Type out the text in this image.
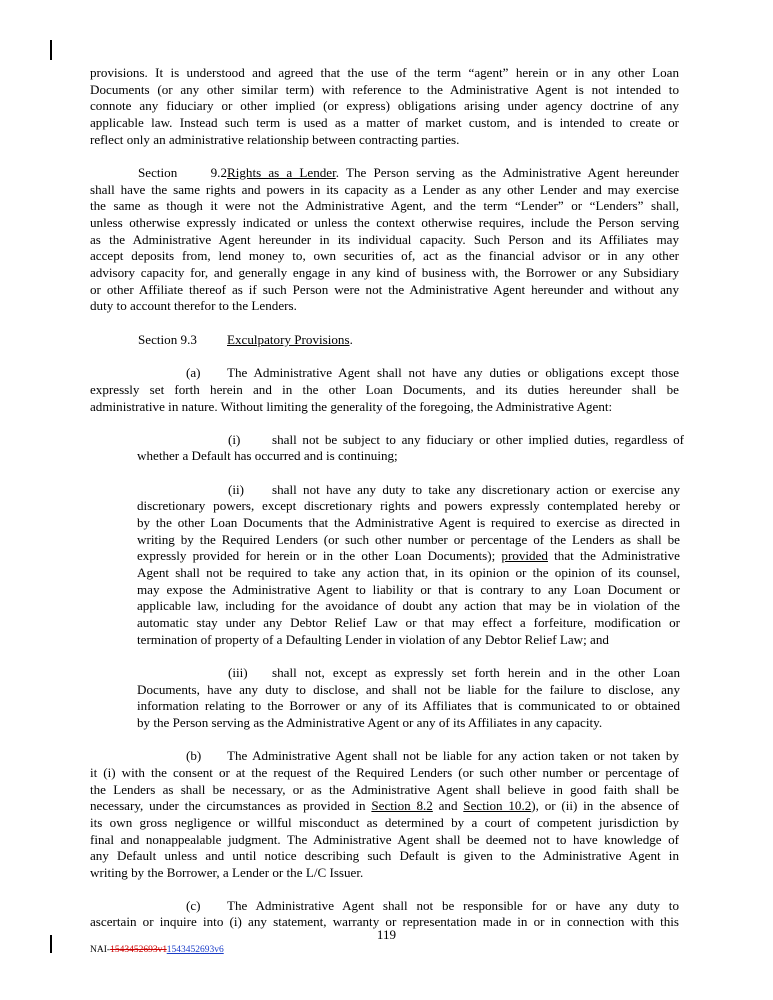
provisions. It is understood and agreed that the use of the term “agent” herein or in any other Loan
Documents (or any other similar term) with reference to the Administrative Agent is not intended to
connote any fiduciary or other implied (or express) obligations arising under agency doctrine of any
applicable law. Instead such term is used as a matter of market custom, and is intended to create or
reflect only an administrative relationship between contracting parties.
Section 9.2Rights as a Lender. The Person serving as the Administrative Agent hereunder
shall have the same rights and powers in its capacity as a Lender as any other Lender and may exercise
the same as though it were not the Administrative Agent, and the term “Lender” or “Lenders” shall,
unless otherwise expressly indicated or unless the context otherwise requires, include the Person serving
as the Administrative Agent hereunder in its individual capacity. Such Person and its Affiliates may
accept deposits from, lend money to, own securities of, act as the financial advisor or in any other
advisory capacity for, and generally engage in any kind of business with, the Borrower or any Subsidiary
or other Affiliate thereof as if such Person were not the Administrative Agent hereunder and without any
duty to account therefor to the Lenders.
Section 9.3 Exculpatory Provisions.
(a) The Administrative Agent shall not have any duties or obligations except those
expressly set forth herein and in the other Loan Documents, and its duties hereunder shall be
administrative in nature. Without limiting the generality of the foregoing, the Administrative Agent:
(i) shall not be subject to any fiduciary or other implied duties, regardless of
whether a Default has occurred and is continuing;
(ii) shall not have any duty to take any discretionary action or exercise any
discretionary powers, except discretionary rights and powers expressly contemplated hereby or
by the other Loan Documents that the Administrative Agent is required to exercise as directed in
writing by the Required Lenders (or such other number or percentage of the Lenders as shall be
expressly provided for herein or in the other Loan Documents); provided that the Administrative
Agent shall not be required to take any action that, in its opinion or the opinion of its counsel,
may expose the Administrative Agent to liability or that is contrary to any Loan Document or
applicable law, including for the avoidance of doubt any action that may be in violation of the
automatic stay under any Debtor Relief Law or that may effect a forfeiture, modification or
termination of property of a Defaulting Lender in violation of any Debtor Relief Law; and
(iii) shall not, except as expressly set forth herein and in the other Loan
Documents, have any duty to disclose, and shall not be liable for the failure to disclose, any
information relating to the Borrower or any of its Affiliates that is communicated to or obtained
by the Person serving as the Administrative Agent or any of its Affiliates in any capacity.
(b) The Administrative Agent shall not be liable for any action taken or not taken by
it (i) with the consent or at the request of the Required Lenders (or such other number or percentage of
the Lenders as shall be necessary, or as the Administrative Agent shall believe in good faith shall be
necessary, under the circumstances as provided in Section 8.2 and Section 10.2), or (ii) in the absence of
its own gross negligence or willful misconduct as determined by a court of competent jurisdiction by
final and nonappealable judgment. The Administrative Agent shall be deemed not to have knowledge of
any Default unless and until notice describing such Default is given to the Administrative Agent in
writing by the Borrower, a Lender or the L/C Issuer.
(c) The Administrative Agent shall not be responsible for or have any duty to
ascertain or inquire into (i) any statement, warranty or representation made in or in connection with this
119
NAI-1543452693v11543452693v6
